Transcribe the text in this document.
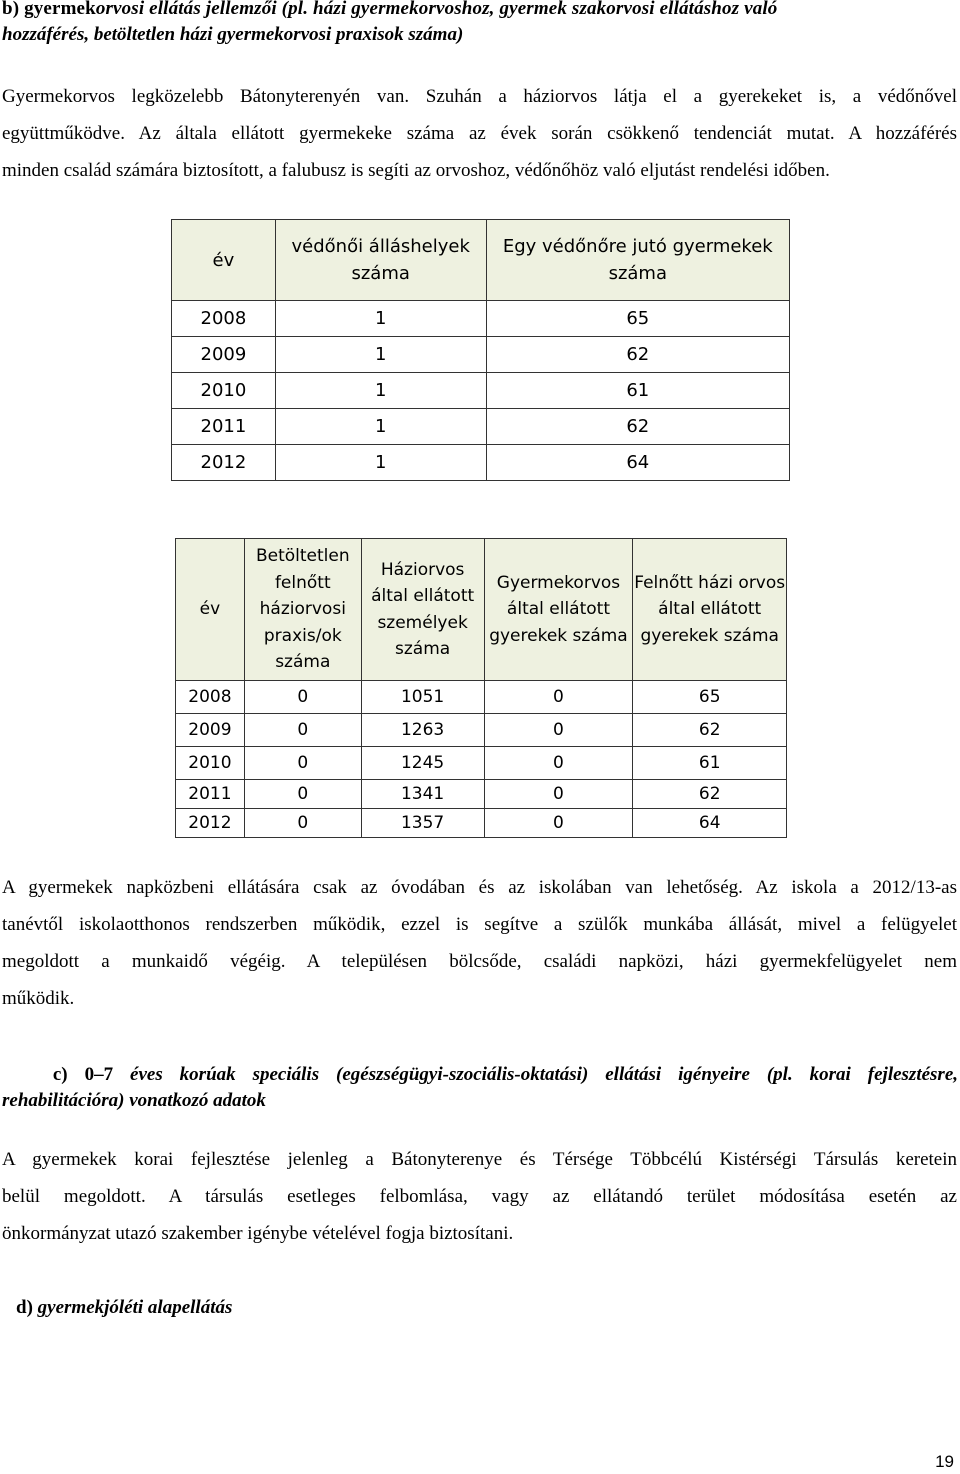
b) gyermekorvosi ellátás jellemzői (pl. házi gyermekorvoshoz, gyermek szakorvosi ellátáshoz való
hozzáférés, betöltetlen házi gyermekorvosi praxisok száma)
Gyermekorvos legközelebb Bátonyterenyén van. Szuhán a háziorvos látja el a gyerekeket is, a védőnővel
együttműködve. Az általa ellátott gyermekeke száma az évek során csökkenő tendenciát mutat. A hozzáférés
minden család számára biztosított, a falubusz is segíti az orvoshoz, védőnőhöz való eljutást rendelési időben.
év	védőnői álláshelyek száma	Egy védőnőre jutó gyermekek száma
2008	1	65
2009	1	62
2010	1	61
2011	1	62
2012	1	64
év	Betöltetlen felnőtt háziorvosi praxis/ok száma	Háziorvos által ellátott személyek száma	Gyermekorvos által ellátott gyerekek száma	Felnőtt házi orvos által ellátott gyerekek száma
2008	0	1051	0	65
2009	0	1263	0	62
2010	0	1245	0	61
2011	0	1341	0	62
2012	0	1357	0	64
A gyermekek napközbeni ellátására csak az óvodában és az iskolában van lehetőség. Az iskola a 2012/13-as
tanévtől iskolaotthonos rendszerben működik, ezzel is segítve a szülők munkába állását, mivel a felügyelet
megoldott a munkaidő végéig. A településen bölcsőde, családi napközi, házi gyermekfelügyelet nem
működik.
c) 0–7 éves korúak speciális (egészségügyi-szociális-oktatási) ellátási igényeire (pl. korai fejlesztésre,
rehabilitációra) vonatkozó adatok
A gyermekek korai fejlesztése jelenleg a Bátonyterenye és Térsége Többcélú Kistérségi Társulás keretein
belül megoldott. A társulás esetleges felbomlása, vagy az ellátandó terület módosítása esetén az
önkormányzat utazó szakember igénybe vételével fogja biztosítani.
d) gyermekjóléti alapellátás
19
